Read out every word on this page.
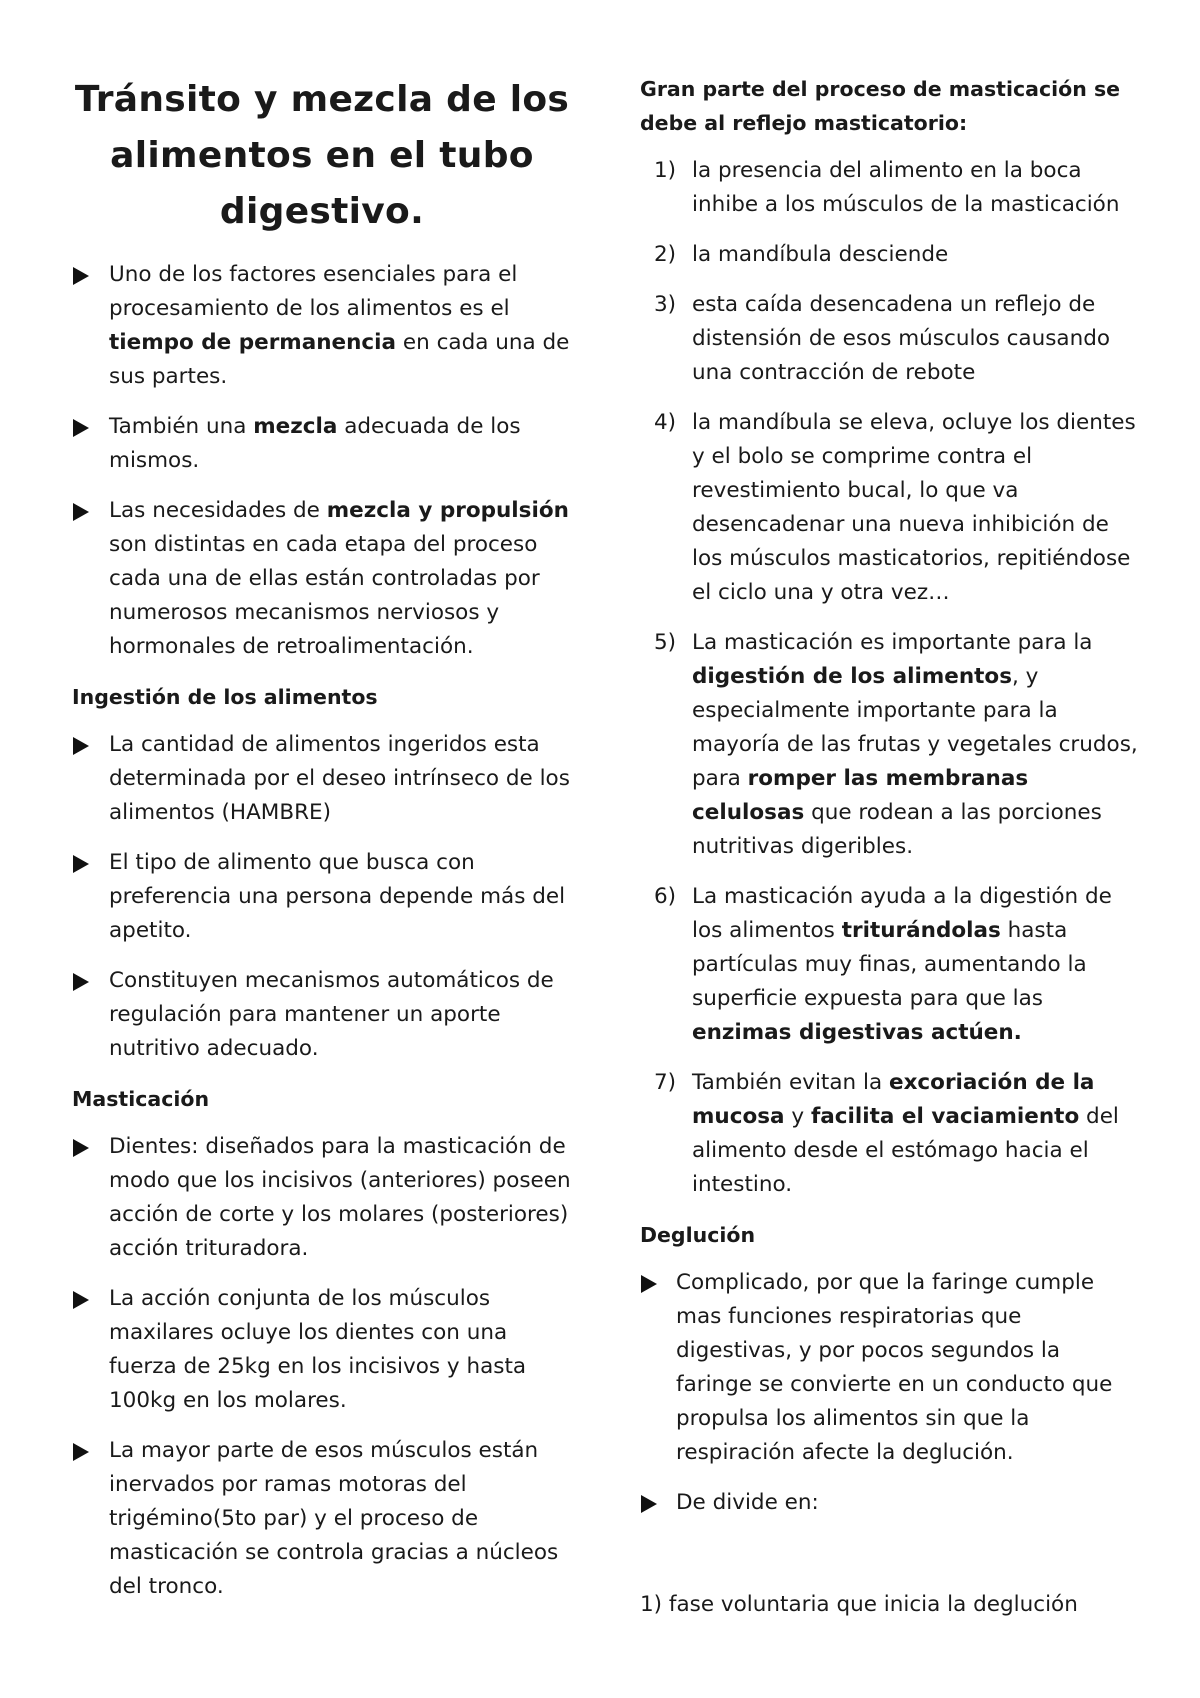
Tránsito y mezcla de los alimentos en el tubo digestivo.
Uno de los factores esenciales para el procesamiento de los alimentos es el tiempo de permanencia en cada una de sus partes.
También una mezcla adecuada de los mismos.
Las necesidades de mezcla y propulsión son distintas en cada etapa del proceso cada una de ellas están controladas por numerosos mecanismos nerviosos y hormonales de retroalimentación.
Ingestión de los alimentos
La cantidad de alimentos ingeridos esta determinada por el deseo intrínseco de los alimentos (HAMBRE)
El tipo de alimento que busca con preferencia una persona depende más del apetito.
Constituyen mecanismos automáticos de regulación para mantener un aporte nutritivo adecuado.
Masticación
Dientes: diseñados para la masticación de modo que los incisivos (anteriores) poseen acción de corte y los molares (posteriores) acción trituradora.
La acción conjunta de los músculos maxilares ocluye los dientes con una fuerza de 25kg en los incisivos y hasta 100kg en los molares.
La mayor parte de esos músculos están inervados por ramas motoras del trigémino(5to par) y el proceso de masticación se controla gracias a núcleos del tronco.
Gran parte del proceso de masticación se debe al reflejo masticatorio:
1) la presencia del alimento en la boca inhibe a los músculos de la masticación
2) la mandíbula desciende
3) esta caída desencadena un reflejo de distensión de esos músculos causando una contracción de rebote
4) la mandíbula se eleva, ocluye los dientes y el bolo se comprime contra el revestimiento bucal, lo que va desencadenar una nueva inhibición de los músculos masticatorios, repitiéndose el ciclo una y otra vez…
5) La masticación es importante para la digestión de los alimentos, y especialmente importante para la mayoría de las frutas y vegetales crudos, para romper las membranas celulosas que rodean a las porciones nutritivas digeribles.
6) La masticación ayuda a la digestión de los alimentos triturándolas hasta partículas muy finas, aumentando la superficie expuesta para que las enzimas digestivas actúen.
7) También evitan la excoriación de la mucosa y facilita el vaciamiento del alimento desde el estómago hacia el intestino.
Deglución
Complicado, por que la faringe cumple mas funciones respiratorias que digestivas, y por pocos segundos la faringe se convierte en un conducto que propulsa los alimentos sin que la respiración afecte la deglución.
De divide en:
1) fase voluntaria que inicia la deglución
